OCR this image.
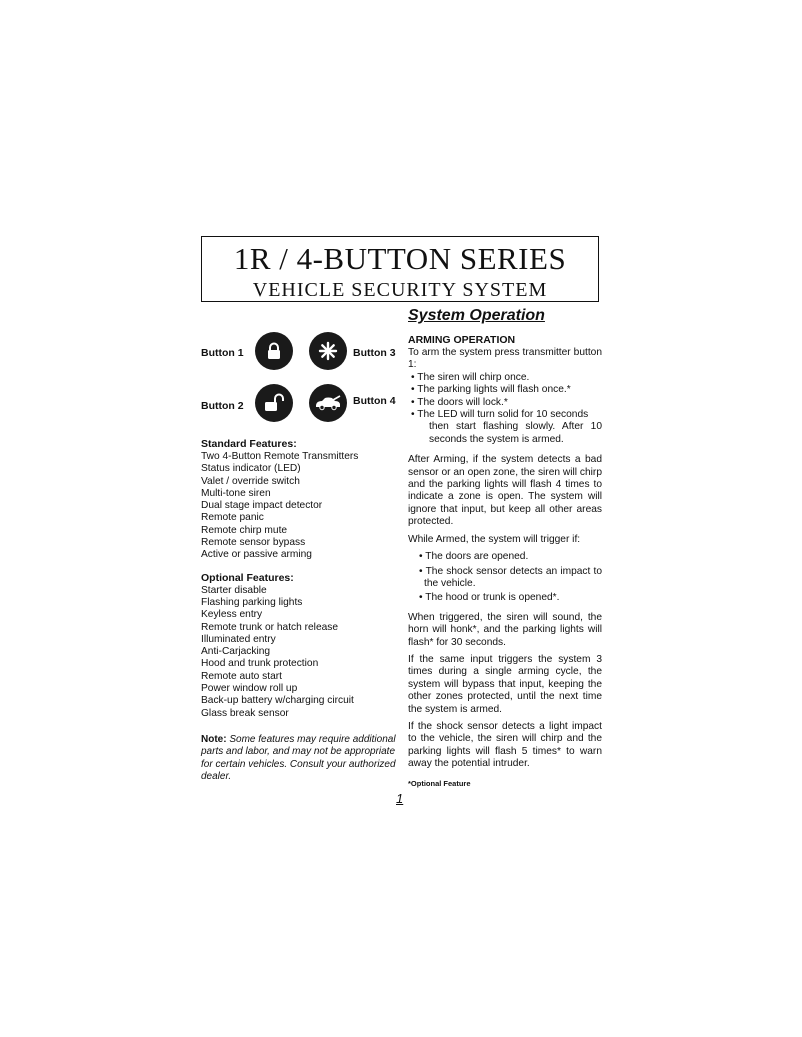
1R / 4-BUTTON SERIES
VEHICLE SECURITY SYSTEM
Button 1
Button 2
Button 3
Button 4

Standard Features:

Two 4-Button Remote Transmitters
Status indicator (LED)
Valet / override switch
Multi-tone siren
Dual stage impact detector
Remote panic
Remote chirp mute
Remote sensor bypass
Active or passive arming

Optional Features:

Starter disable
Flashing parking lights
Keyless entry
Remote trunk or hatch release
Illuminated entry
Anti-Carjacking
Hood and trunk protection
Remote auto start
Power window roll up
Back-up battery w/charging circuit
Glass break sensor
Note: Some features may require additional parts and labor, and may not be appropriate for certain vehicles. Consult your authorized dealer.

System Operation

ARMING OPERATION

To arm the system press transmitter button 1:

• The siren will chirp once.
• The parking lights will flash once.*
• The doors will lock.*
• The LED will turn solid for 10 seconds
then start flashing slowly. After 10 seconds the system is armed.

After Arming, if the system detects a bad sensor or an open zone, the siren will chirp and the parking lights will flash 4 times to indicate a zone is open. The system will ignore that input, but keep all other areas protected.

While Armed, the system will trigger if:

• The doors are opened.
• The shock sensor detects an impact to the vehicle.
• The hood or trunk is opened*.

When triggered, the siren will sound, the horn will honk*, and the parking lights will flash* for 30 seconds.

If the same input triggers the system 3 times during a single arming cycle, the system will bypass that input, keeping the other zones protected, until the next time the system is armed.

If the shock sensor detects a light impact to the vehicle, the siren will chirp and the parking lights will flash 5 times* to warn away the potential intruder.

*Optional Feature
1
